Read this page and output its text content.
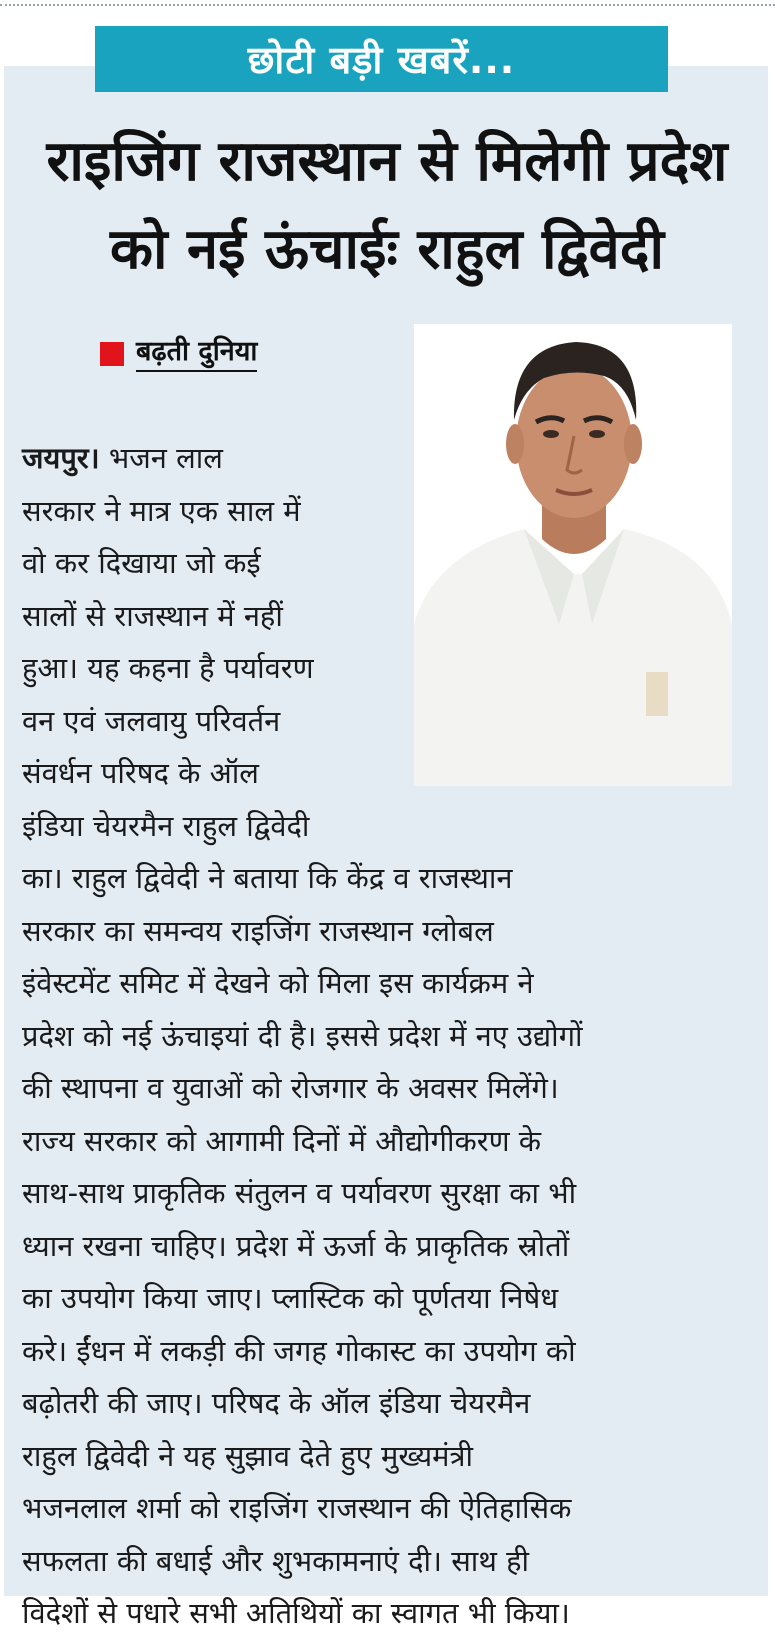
छोटी बड़ी खबरें...
राइजिंग राजस्थान से मिलेगी प्रदेश
को नई ऊंचाईः राहुल द्विवेदी
बढ़ती दुनिया

जयपुर। भजन लाल

सरकार ने मात्र एक साल में

वो कर दिखाया जो कई

सालों से राजस्थान में नहीं

हुआ। यह कहना है पर्यावरण

वन एवं जलवायु परिवर्तन

संवर्धन परिषद के ऑल

इंडिया चेयरमैन राहुल द्विवेदी

का। राहुल द्विवेदी ने बताया कि केंद्र व राजस्थान

सरकार का समन्वय राइजिंग राजस्थान ग्लोबल

इंवेस्टमेंट समिट में देखने को मिला इस कार्यक्रम ने

प्रदेश को नई ऊंचाइयां दी है। इससे प्रदेश में नए उद्योगों

की स्थापना व युवाओं को रोजगार के अवसर मिलेंगे।

राज्य सरकार को आगामी दिनों में औद्योगीकरण के

साथ-साथ प्राकृतिक संतुलन व पर्यावरण सुरक्षा का भी

ध्यान रखना चाहिए। प्रदेश में ऊर्जा के प्राकृतिक स्रोतों

का उपयोग किया जाए। प्लास्टिक को पूर्णतया निषेध

करे। ईंधन में लकड़ी की जगह गोकास्ट का उपयोग को

बढ़ोतरी की जाए। परिषद के ऑल इंडिया चेयरमैन

राहुल द्विवेदी ने यह सुझाव देते हुए मुख्यमंत्री

भजनलाल शर्मा को राइजिंग राजस्थान की ऐतिहासिक

सफलता की बधाई और शुभकामनाएं दी। साथ ही

विदेशों से पधारे सभी अतिथियों का स्वागत भी किया।
